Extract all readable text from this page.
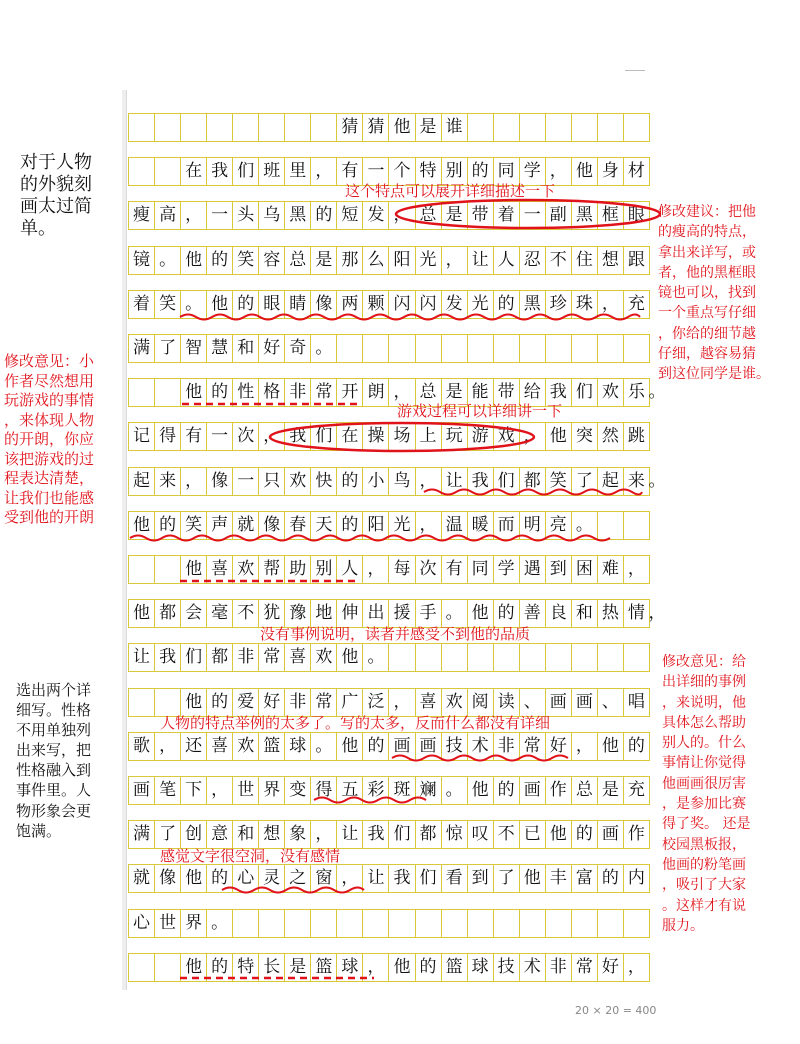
猜 猜 他 是 谁

在 我 们 班 里 ， 有 一 个 特 别 的 同 学 ， 他 身 材
瘦 高 ， 一 头 乌 黑 的 短 发 ， 总 是 带 着 一 副 黑 框 眼
镜 。 他 的 笑 容 总 是 那 么 阳 光 ， 让 人 忍 不 住 想 跟
着 笑 。 他 的 眼 睛 像 两 颗 闪 闪 发 光 的 黑 珍 珠 ， 充
满 了 智 慧 和 好 奇 。

他 的 性 格 非 常 开 朗 ， 总 是 能 带 给 我 们 欢 乐 。
记 得 有 一 次 ， 我 们 在 操 场 上 玩 游 戏 ， 他 突 然 跳
起 来 ， 像 一 只 欢 快 的 小 鸟 ， 让 我 们 都 笑 了 起 来 。
他 的 笑 声 就 像 春 天 的 阳 光 ， 温 暖 而 明 亮 。

他 喜 欢 帮 助 别 人 ， 每 次 有 同 学 遇 到 困 难 ，
他 都 会 毫 不 犹 豫 地 伸 出 援 手 。 他 的 善 良 和 热 情 ，
让 我 们 都 非 常 喜 欢 他 。

他 的 爱 好 非 常 广 泛 ， 喜 欢 阅 读 、 画 画 、 唱
歌 ， 还 喜 欢 篮 球 。 他 的 画 画 技 术 非 常 好 ， 他 的
画 笔 下 ， 世 界 变 得 五 彩 斑 斓 。 他 的 画 作 总 是 充
满 了 创 意 和 想 象 ， 让 我 们 都 惊 叹 不 已 他 的 画 作
就 像 他 的 心 灵 之 窗 ， 让 我 们 看 到 了 他 丰 富 的 内
心 世 界 。

他 的 特 长 是 篮 球 ， 他 的 篮 球 技 术 非 常 好 ，
这个特点可以展开详细描述一下
游戏过程可以详细讲一下
没有事例说明，读者并感受不到他的品质
人物的特点举例的太多了。写的太多，反而什么都没有详细
感觉文字很空洞，没有感情
对于人物
的外貌刻
画太过简
单。
修改意见：小
作者尽然想用
玩游戏的事情
，来体现人物
的开朗，你应
该把游戏的过
程表达清楚，
让我们也能感
受到他的开朗
选出两个详
细写。性格
不用单独列
出来写，把
性格融入到
事件里。人
物形象会更
饱满。
修改建议：把他
的瘦高的特点，
拿出来详写，或
者，他的黑框眼
镜也可以，找到
一个重点写仔细
，你给的细节越
仔细，越容易猜
到这位同学是谁。
修改意见：给
出详细的事例
，来说明，他
具体怎么帮助
别人的。什么
事情让你觉得
他画画很厉害
，是参加比赛
得了奖。 还是
校园黑板报，
他画的粉笔画
，吸引了大家
。这样才有说
服力。
20 × 20 = 400
